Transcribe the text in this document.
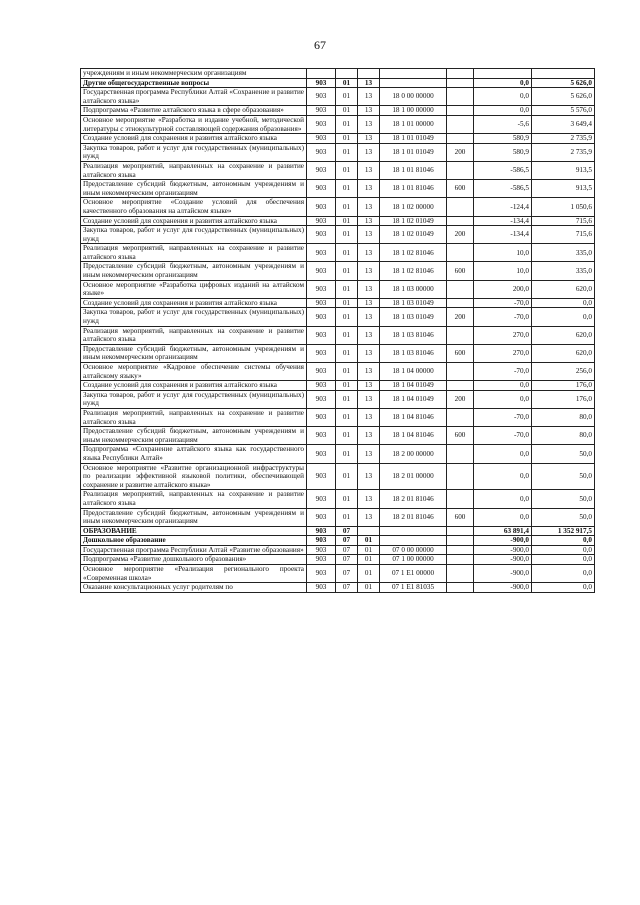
67
учреждениям и иным некоммерческим организациям							
Другие общегосударственные вопросы	903	01	13			0,0	5 626,0
Государственная программа Республики Алтай «Сохранение и развитие алтайского языка»	903	01	13	18 0 00 00000		0,0	5 626,0
Подпрограмма «Развитие алтайского языка в сфере образования»	903	01	13	18 1 00 00000		0,0	5 576,0
Основное мероприятие «Разработка и издание учебной, методической литературы с этнокультурной составляющей содержания образования»	903	01	13	18 1 01 00000		-5,6	3 649,4
Создание условий для сохранения и развития алтайского языка	903	01	13	18 1 01 01049		580,9	2 735,9
Закупка товаров, работ и услуг для государственных (муниципальных) нужд	903	01	13	18 1 01 01049	200	580,9	2 735,9
Реализация мероприятий, направленных на сохранение и развитие алтайского языка	903	01	13	18 1 01 81046		-586,5	913,5
Предоставление субсидий бюджетным, автономным учреждениям и иным некоммерческим организациям	903	01	13	18 1 01 81046	600	-586,5	913,5
Основное мероприятие «Создание условий для обеспечения качественного образования на алтайском языке»	903	01	13	18 1 02 00000		-124,4	1 050,6
Создание условий для сохранения и развития алтайского языка	903	01	13	18 1 02 01049		-134,4	715,6
Закупка товаров, работ и услуг для государственных (муниципальных) нужд	903	01	13	18 1 02 01049	200	-134,4	715,6
Реализация мероприятий, направленных на сохранение и развитие алтайского языка	903	01	13	18 1 02 81046		10,0	335,0
Предоставление субсидий бюджетным, автономным учреждениям и иным некоммерческим организациям	903	01	13	18 1 02 81046	600	10,0	335,0
Основное мероприятие «Разработка цифровых изданий на алтайском языке»	903	01	13	18 1 03 00000		200,0	620,0
Создание условий для сохранения и развития алтайского языка	903	01	13	18 1 03 01049		-70,0	0,0
Закупка товаров, работ и услуг для государственных (муниципальных) нужд	903	01	13	18 1 03 01049	200	-70,0	0,0
Реализация мероприятий, направленных на сохранение и развитие алтайского языка	903	01	13	18 1 03 81046		270,0	620,0
Предоставление субсидий бюджетным, автономным учреждениям и иным некоммерческим организациям	903	01	13	18 1 03 81046	600	270,0	620,0
Основное мероприятие «Кадровое обеспечение системы обучения алтайскому языку»	903	01	13	18 1 04 00000		-70,0	256,0
Создание условий для сохранения и развития алтайского языка	903	01	13	18 1 04 01049		0,0	176,0
Закупка товаров, работ и услуг для государственных (муниципальных) нужд	903	01	13	18 1 04 01049	200	0,0	176,0
Реализация мероприятий, направленных на сохранение и развитие алтайского языка	903	01	13	18 1 04 81046		-70,0	80,0
Предоставление субсидий бюджетным, автономным учреждениям и иным некоммерческим организациям	903	01	13	18 1 04 81046	600	-70,0	80,0
Подпрограмма «Сохранение алтайского языка как государственного языка Республики Алтай»	903	01	13	18 2 00 00000		0,0	50,0
Основное мероприятие «Развитие организационной инфраструктуры по реализации эффективной языковой политики, обеспечивающей сохранение и развитие алтайского языка»	903	01	13	18 2 01 00000		0,0	50,0
Реализация мероприятий, направленных на сохранение и развитие алтайского языка	903	01	13	18 2 01 81046		0,0	50,0
Предоставление субсидий бюджетным, автономным учреждениям и иным некоммерческим организациям	903	01	13	18 2 01 81046	600	0,0	50,0
ОБРАЗОВАНИЕ	903	07				63 891,4	1 352 917,5
Дошкольное образование	903	07	01			-900,0	0,0
Государственная программа Республики Алтай «Развитие образования»	903	07	01	07 0 00 00000		-900,0	0,0
Подпрограмма «Развитие дошкольного образования»	903	07	01	07 1 00 00000		-900,0	0,0
Основное мероприятие «Реализация регионального проекта «Современная школа»	903	07	01	07 1 E1 00000		-900,0	0,0
Оказание консультационных услуг родителям по	903	07	01	07 1 E1 81035		-900,0	0,0
